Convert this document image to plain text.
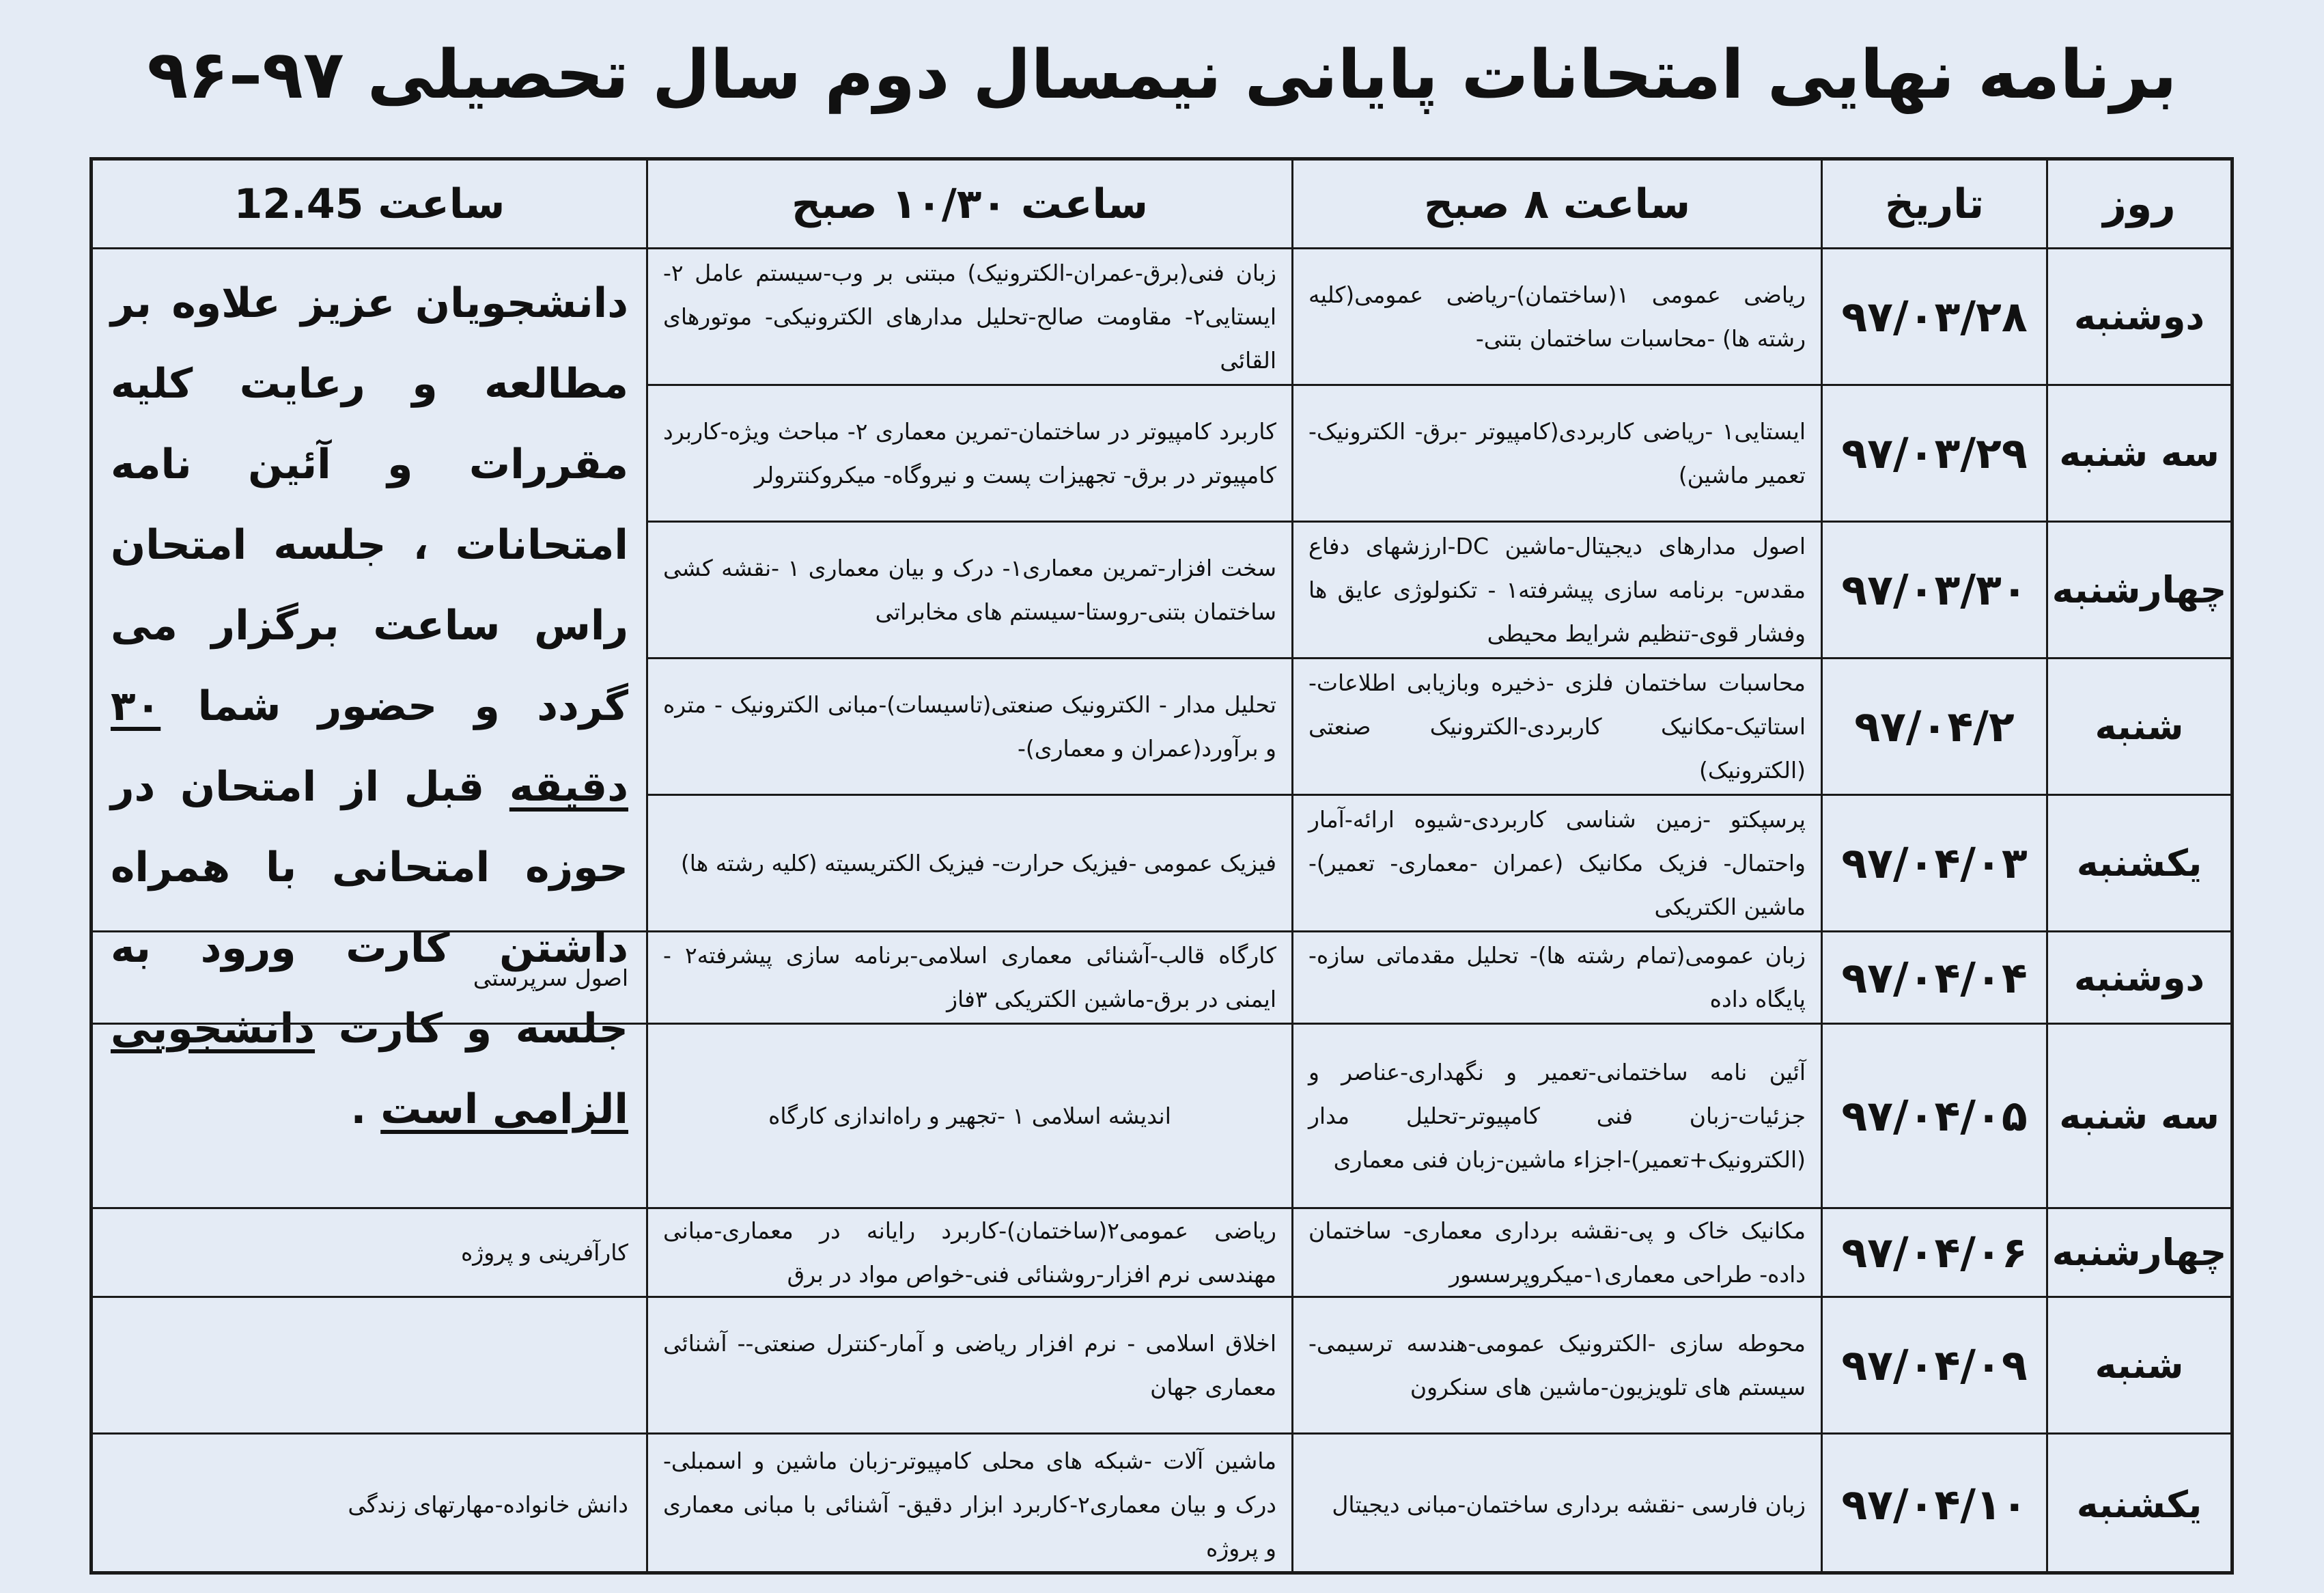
برنامه نهایی امتحانات پایانی نیمسال دوم سال تحصیلی ۹۷–۹۶
روز
تاریخ
ساعت ۸ صبح
ساعت ۱۰/۳۰ صبح
ساعت 12.45
دوشنبه
۹۷/۰۳/۲۸
ریاضی عمومی ۱(ساختمان)-ریاضی عمومی(کلیه رشته ها) -محاسبات ساختمان بتنی-
زبان فنی(برق-عمران-الکترونیک) مبتنی بر وب-سیستم عامل ۲- ایستایی۲- مقاومت صالح-تحلیل مدارهای الکترونیکی- موتورهای القائی
سه شنبه
۹۷/۰۳/۲۹
ایستایی۱ -ریاضی کاربردی(کامپیوتر -برق- الکترونیک- تعمیر ماشین)
کاربرد کامپیوتر در ساختمان-تمرین معماری ۲- مباحث ویژه-کاربرد کامپیوتر در برق- تجهیزات پست و نیروگاه- میکروکنترولر
چهارشنبه
۹۷/۰۳/۳۰
اصول مدارهای دیجیتال-ماشین DC-ارزشهای دفاع مقدس- برنامه سازی پیشرفته۱ - تکنولوژی عایق ها وفشار قوی-تنظیم شرایط محیطی
سخت افزار-تمرین معماری۱- درک و بیان معماری ۱ -نقشه کشی ساختمان بتنی-روستا-سیستم های مخابراتی
شنبه
۹۷/۰۴/۲
محاسبات ساختمان فلزی -ذخیره وبازیابی اطلاعات-استاتیک-مکانیک کاربردی-الکترونیک صنعتی (الکترونیک)
تحلیل مدار - الکترونیک صنعتی(تاسیسات)-مبانی الکترونیک - متره و برآورد(عمران و معماری)-
یکشنبه
۹۷/۰۴/۰۳
پرسپکتو -زمین شناسی کاربردی-شیوه ارائه-آمار واحتمال- فزیک مکانیک (عمران -معماری- تعمیر)-ماشین الکتریکی
فیزیک عمومی -فیزیک حرارت- فیزیک الکتریسیته (کلیه رشته ها)
دانشجویان عزیز علاوه بر مطالعه و رعایت کلیه مقررات و آئین نامه امتحانات ، جلسه امتحان راس ساعت برگزار می گردد و حضور شما ۳۰ دقیقه قبل از امتحان در حوزه امتحانی با همراه داشتن کارت ورود به جلسه و کارت دانشجویی الزامی است .
دوشنبه
۹۷/۰۴/۰۴
زبان عمومی(تمام رشته ها)- تحلیل مقدماتی سازه-پایگاه داده
کارگاه قالب-آشنائی معماری اسلامی-برنامه سازی پیشرفته۲ - ایمنی در برق-ماشین الکتریکی ۳فاز
اصول سرپرستی
سه شنبه
۹۷/۰۴/۰۵
آئین نامه ساختمانی-تعمیر و نگهداری-عناصر و جزئیات-زبان فنی کامپیوتر-تحلیل مدار (الکترونیک+تعمیر)-اجزاء ماشین-زبان فنی معماری
اندیشه اسلامی ۱ -تجهیر و راه‌اندازی کارگاه
چهارشنبه
۹۷/۰۴/۰۶
مکانیک خاک و پی-نقشه برداری معماری- ساختمان داده- طراحی معماری۱-میکروپرسسور
ریاضی عمومی۲(ساختمان)-کاربرد رایانه در معماری-مبانی مهندسی نرم افزار-روشنائی فنی-خواص مواد در برق
کارآفرینی و پروژه
شنبه
۹۷/۰۴/۰۹
محوطه سازی -الکترونیک عمومی-هندسه ترسیمی-سیستم های تلویزیون-ماشین های سنکرون
اخلاق اسلامی - نرم افزار ریاضی و آمار-کنترل صنعتی-- آشنائی معماری جهان
یکشنبه
۹۷/۰۴/۱۰
زبان فارسی -نقشه برداری ساختمان-مبانی دیجیتال
ماشین آلات -شبکه های محلی کامپیوتر-زبان ماشین و اسمبلی-درک و بیان معماری۲-کاربرد ابزار دقیق- آشنائی با مبانی معماری و پروژه
دانش خانواده-مهارتهای زندگی
